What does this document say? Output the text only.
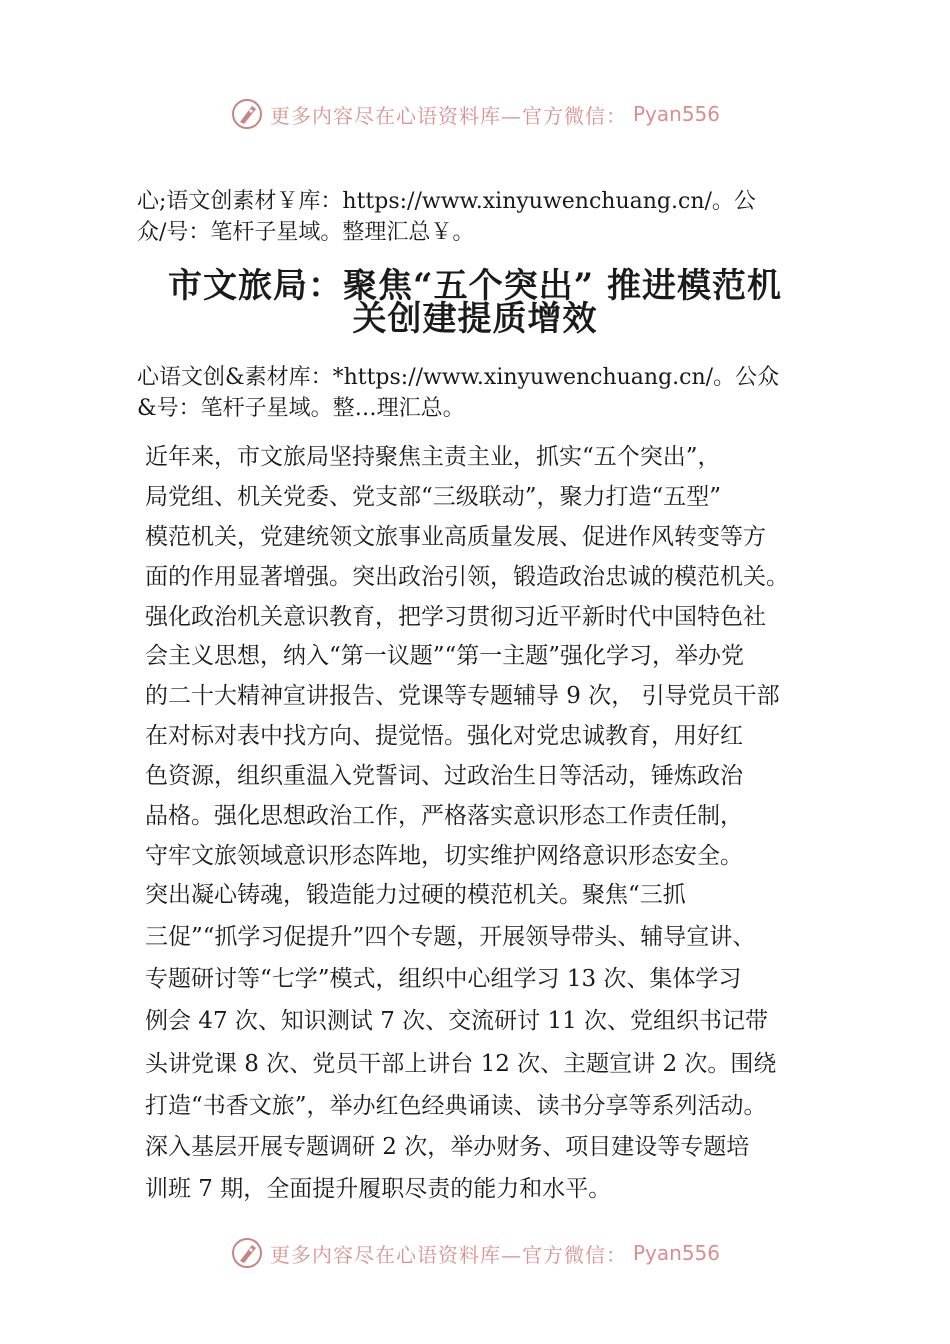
更多内容尽在心语资料库—官方微信： Pyan556
心;语文创素材￥库：https://www.xinyuwenchuang.cn/。公
众/号：笔杆子星域。整理汇总￥。
市文旅局：聚焦“五个突出” 推进模范机
关创建提质增效
心语文创&素材库：*https://www.xinyuwenchuang.cn/。公众
&号：笔杆子星域。整…理汇总。
近年来，市文旅局坚持聚焦主责主业，抓实“五个突出”，
局党组、机关党委、党支部“三级联动”，聚力打造“五型”
模范机关，党建统领文旅事业高质量发展、促进作风转变等方
面的作用显著增强。突出政治引领，锻造政治忠诚的模范机关。
强化政治机关意识教育，把学习贯彻习近平新时代中国特色社
会主义思想，纳入“第一议题”“第一主题”强化学习，举办党
的二十大精神宣讲报告、党课等专题辅导 9 次， 引导党员干部
在对标对表中找方向、提觉悟。强化对党忠诚教育，用好红
色资源，组织重温入党誓词、过政治生日等活动，锤炼政治
品格。强化思想政治工作，严格落实意识形态工作责任制，
守牢文旅领域意识形态阵地，切实维护网络意识形态安全。
突出凝心铸魂，锻造能力过硬的模范机关。聚焦“三抓
三促”“抓学习促提升”四个专题，开展领导带头、辅导宣讲、
专题研讨等“七学”模式，组织中心组学习 13 次、集体学习
例会 47 次、知识测试 7 次、交流研讨 11 次、党组织书记带
头讲党课 8 次、党员干部上讲台 12 次、主题宣讲 2 次。围绕
打造“书香文旅”，举办红色经典诵读、读书分享等系列活动。
深入基层开展专题调研 2 次，举办财务、项目建设等专题培
训班 7 期，全面提升履职尽责的能力和水平。
更多内容尽在心语资料库—官方微信： Pyan556
